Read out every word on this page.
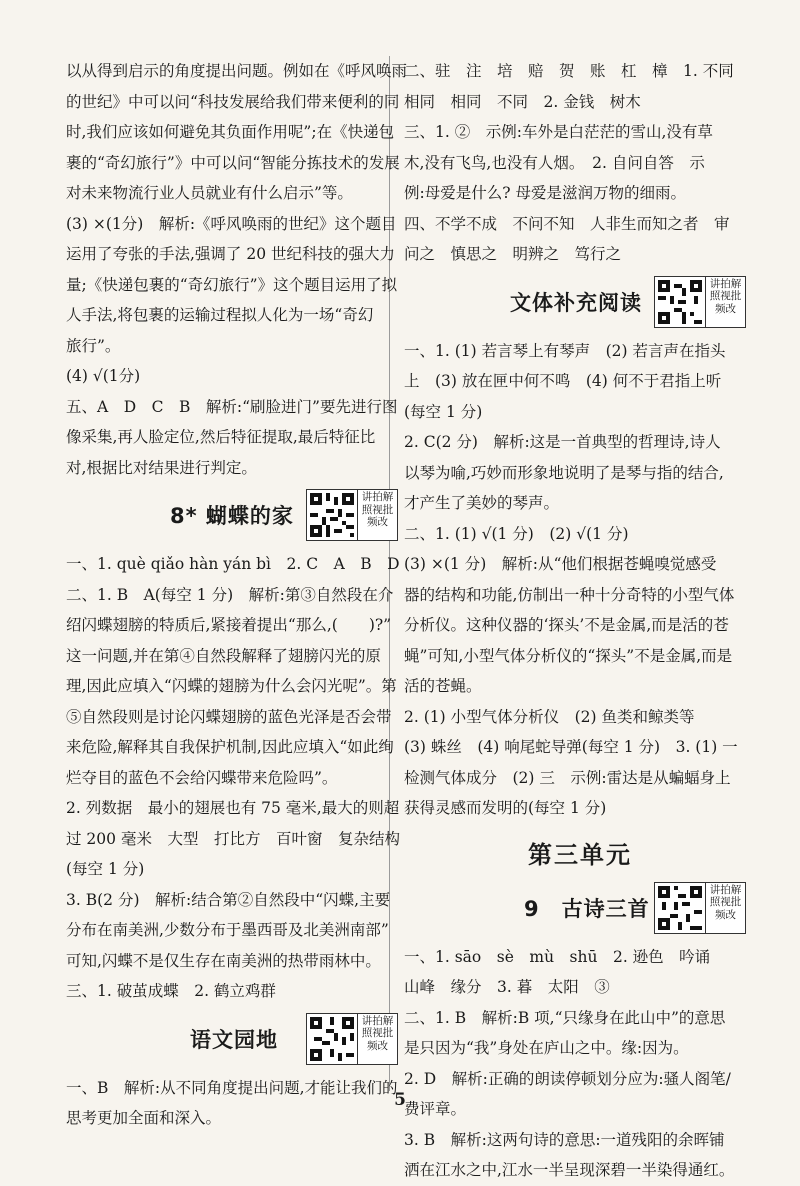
以从得到启示的角度提出问题。例如在《呼风唤雨

的世纪》中可以问“科技发展给我们带来便利的同

时,我们应该如何避免其负面作用呢”;在《快递包

裹的“奇幻旅行”》中可以问“智能分拣技术的发展

对未来物流行业人员就业有什么启示”等。

(3) ×(1分)　解析:《呼风唤雨的世纪》这个题目

运用了夸张的手法,强调了 20 世纪科技的强大力

量;《快递包裹的“奇幻旅行”》这个题目运用了拟

人手法,将包裹的运输过程拟人化为一场“奇幻

旅行”。

(4) √(1分)

五、A　D　C　B　解析:“刷脸进门”要先进行图

像采集,再人脸定位,然后特征提取,最后特征比

对,根据比对结果进行判定。

8* 蝴蝶的家
讲拍解照视批频改

一、1. què qiǎo hàn yán bì　2. C　A　B　D

二、1. B　A(每空 1 分)　解析:第③自然段在介

绍闪蝶翅膀的特质后,紧接着提出“那么,(　　)?”

这一问题,并在第④自然段解释了翅膀闪光的原

理,因此应填入“闪蝶的翅膀为什么会闪光呢”。第

⑤自然段则是讨论闪蝶翅膀的蓝色光泽是否会带

来危险,解释其自我保护机制,因此应填入“如此绚

烂夺目的蓝色不会给闪蝶带来危险吗”。

2. 列数据　最小的翅展也有 75 毫米,最大的则超

过 200 毫米　大型　打比方　百叶窗　复杂结构

(每空 1 分)

3. B(2 分)　解析:结合第②自然段中“闪蝶,主要

分布在南美洲,少数分布于墨西哥及北美洲南部”

可知,闪蝶不是仅生存在南美洲的热带雨林中。

三、1. 破茧成蝶　2. 鹤立鸡群

语文园地
讲拍解照视批频改

一、B　解析:从不同角度提出问题,才能让我们的

思考更加全面和深入。

二、驻　注　培　赔　贺　账　杠　樟　1. 不同

相同　相同　不同　2. 金钱　树木

三、1. ②　示例:车外是白茫茫的雪山,没有草

木,没有飞鸟,也没有人烟。　2. 自问自答　示

例:母爱是什么? 母爱是滋润万物的细雨。

四、不学不成　不问不知　人非生而知之者　审

问之　慎思之　明辨之　笃行之

文体补充阅读
讲拍解照视批频改

一、1. (1) 若言琴上有琴声　(2) 若言声在指头

上　(3) 放在匣中何不鸣　(4) 何不于君指上听

(每空 1 分)

2. C(2 分)　解析:这是一首典型的哲理诗,诗人

以琴为喻,巧妙而形象地说明了是琴与指的结合,

才产生了美妙的琴声。

二、1. (1) √(1 分)　(2) √(1 分)

(3) ×(1 分)　解析:从“他们根据苍蝇嗅觉感受

器的结构和功能,仿制出一种十分奇特的小型气体

分析仪。这种仪器的‘探头’不是金属,而是活的苍

蝇”可知,小型气体分析仪的“探头”不是金属,而是

活的苍蝇。

2. (1) 小型气体分析仪　(2) 鱼类和鲸类等

(3) 蛛丝　(4) 响尾蛇导弹(每空 1 分)　3. (1) 一

检测气体成分　(2) 三　示例:雷达是从蝙蝠身上

获得灵感而发明的(每空 1 分)

第三单元
9　古诗三首
讲拍解照视批频改

一、1. sāo　sè　mù　shū　2. 逊色　吟诵

山峰　缘分　3. 暮　太阳　③

二、1. B　解析:B 项,“只缘身在此山中”的意思

是只因为“我”身处在庐山之中。缘:因为。

2. D　解析:正确的朗读停顿划分应为:骚人阁笔/

费评章。

3. B　解析:这两句诗的意思:一道残阳的余晖铺

洒在江水之中,江水一半呈现深碧一半染得通红。

5
